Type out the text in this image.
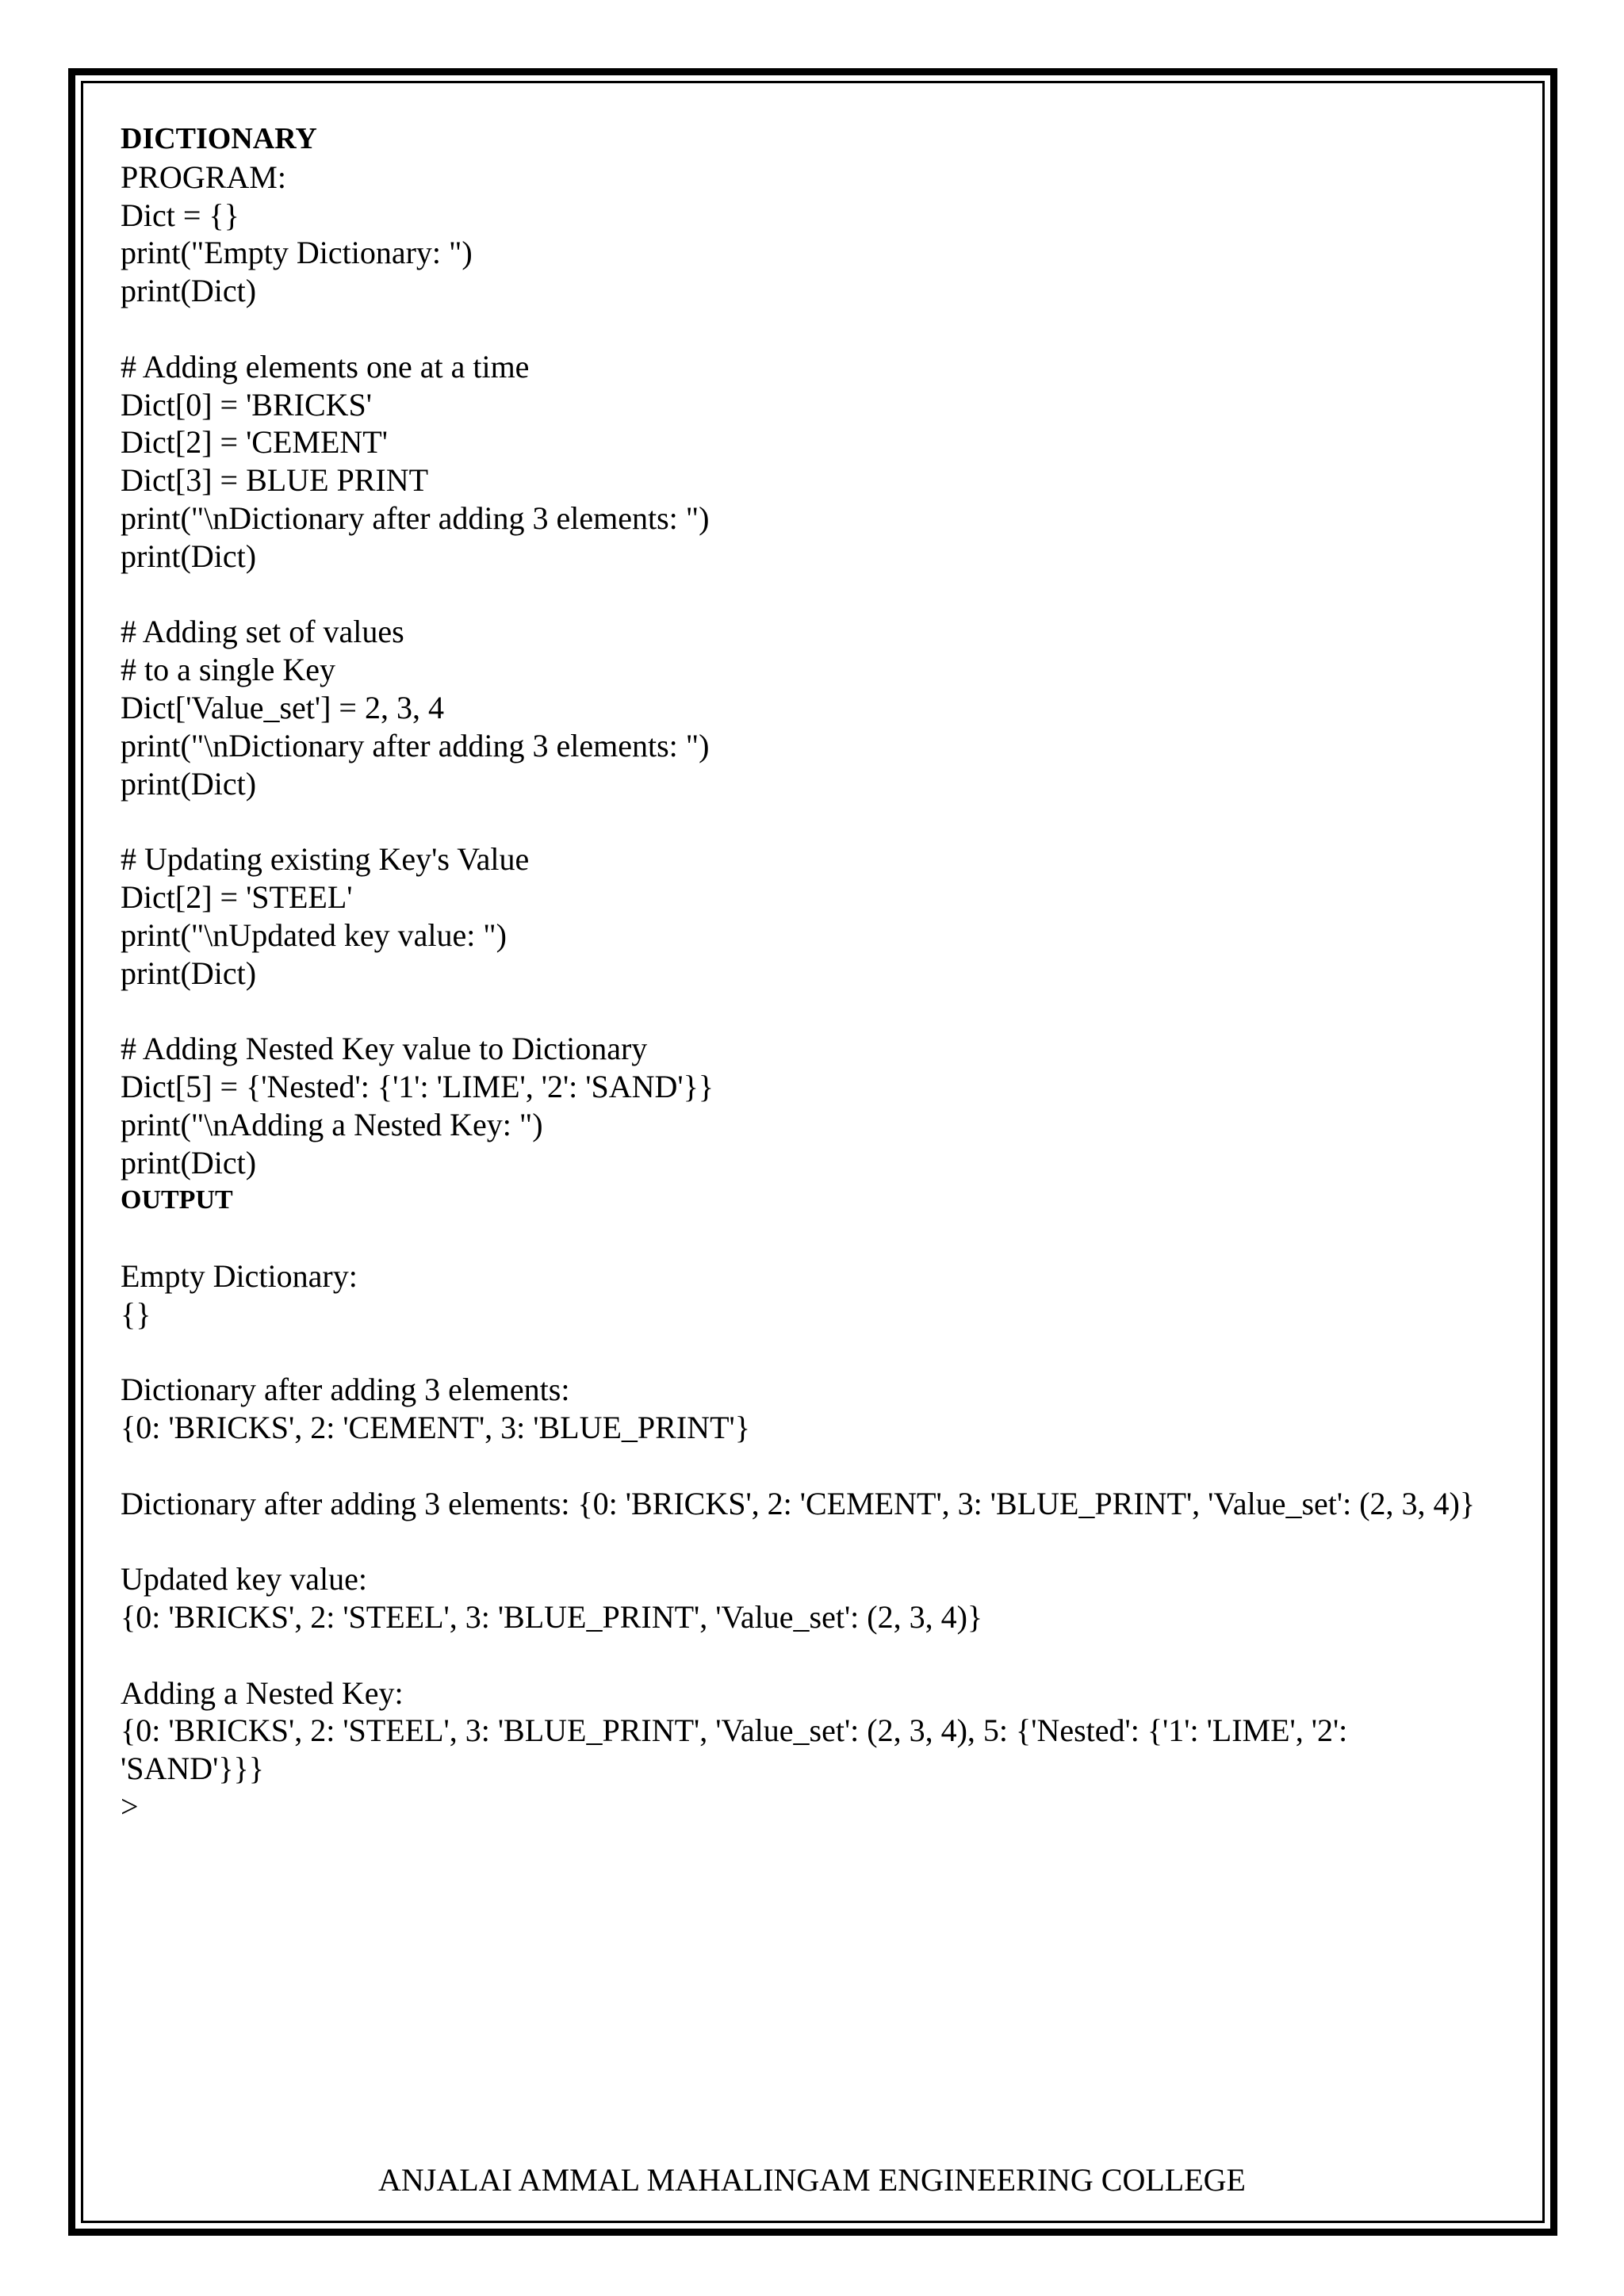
DICTIONARY
PROGRAM:
Dict = {}
print("Empty Dictionary: ")
print(Dict)
# Adding elements one at a time
Dict[0] = 'BRICKS'
Dict[2] = 'CEMENT'
Dict[3] = BLUE PRINT
print("\nDictionary after adding 3 elements: ")
print(Dict)
# Adding set of values
# to a single Key
Dict['Value_set'] = 2, 3, 4
print("\nDictionary after adding 3 elements: ")
print(Dict)
# Updating existing Key's Value
Dict[2] = 'STEEL'
print("\nUpdated key value: ")
print(Dict)
# Adding Nested Key value to Dictionary
Dict[5] = {'Nested': {'1': 'LIME', '2': 'SAND'}}
print("\nAdding a Nested Key: ")
print(Dict)
OUTPUT
Empty Dictionary:
{}
Dictionary after adding 3 elements:
{0: 'BRICKS', 2: 'CEMENT', 3: 'BLUE_PRINT'}
Dictionary after adding 3 elements: {0: 'BRICKS', 2: 'CEMENT', 3: 'BLUE_PRINT', 'Value_set': (2, 3, 4)}
Updated key value:
{0: 'BRICKS', 2: 'STEEL', 3: 'BLUE_PRINT', 'Value_set': (2, 3, 4)}
Adding a Nested Key:
{0: 'BRICKS', 2: 'STEEL', 3: 'BLUE_PRINT', 'Value_set': (2, 3, 4), 5: {'Nested': {'1': 'LIME', '2':
'SAND'}}}
>
ANJALAI AMMAL MAHALINGAM ENGINEERING COLLEGE
